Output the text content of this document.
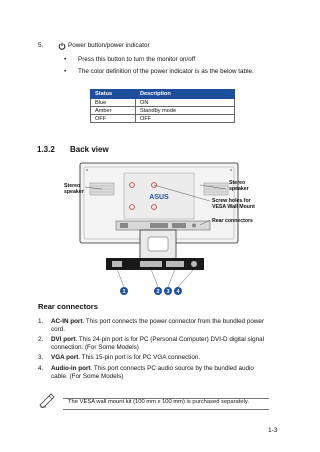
5.	Power button/power indicator
• Press this button to turn the monitor on/off
• The color definition of the power indicator is as the below table.
Status	Description
Blue	ON
Amber	Standby mode
OFF	OFF
1.3.2 Back view
ASUS
1	2 3 4
Stereo
speaker
Stereo
speaker
Screw holes for
VESA Wall Mount
Rear connectors
Rear connectors
1. AC-IN port. This port connects the power connector from the bundled power
cord.
2. DVI port. This 24-pin port is for PC (Personal Computer) DVI-D digital signal
connection. (For Some Models)
3. VGA port. This 15-pin port is for PC VGA connection.
4. Audio-in port. This port connects PC audio source by the bundled audio
cable. (For Some Models)
The VESA wall mount kit (100 mm x 100 mm) is purchased separately.
1-3
